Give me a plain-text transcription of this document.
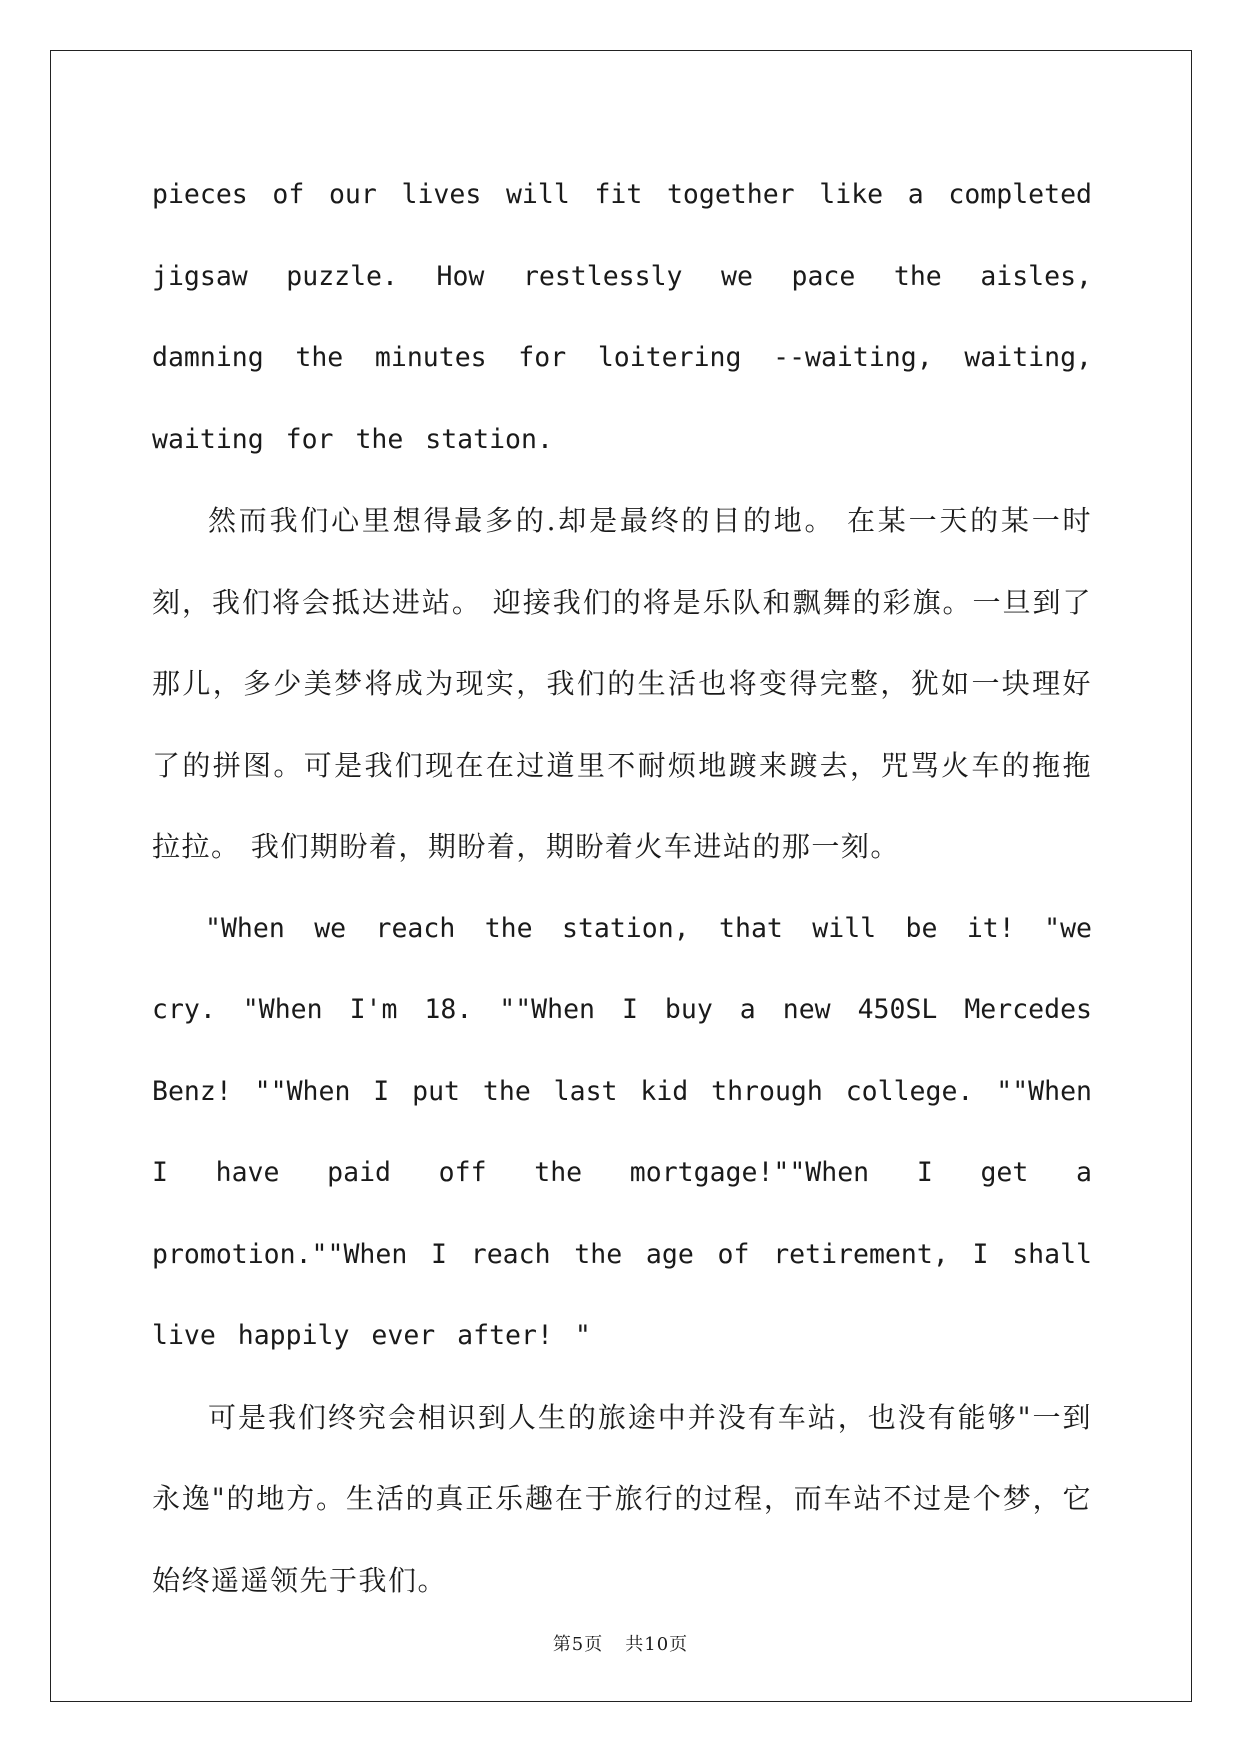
pieces of our lives will fit together like a completed jigsaw puzzle. How restlessly we pace the aisles, damning the minutes for loitering --waiting, waiting, waiting for the station.

然而我们心里想得最多的.却是最终的目的地。 在某一天的某一时刻，我们将会抵达进站。 迎接我们的将是乐队和飘舞的彩旗。一旦到了那儿，多少美梦将成为现实，我们的生活也将变得完整，犹如一块理好了的拼图。可是我们现在在过道里不耐烦地踱来踱去，咒骂火车的拖拖拉拉。 我们期盼着，期盼着，期盼着火车进站的那一刻。

"When we reach the station, that will be it! "we cry. "When I'm 18. ""When I buy a new 450SL Mercedes Benz! ""When I put the last kid through college. ""When I have paid off the mortgage!""When I get a promotion.""When I reach the age of retirement, I shall live happily ever after! "

可是我们终究会相识到人生的旅途中并没有车站，也没有能够"一到永逸"的地方。生活的真正乐趣在于旅行的过程，而车站不过是个梦，它始终遥遥领先于我们。

第5页 共10页
